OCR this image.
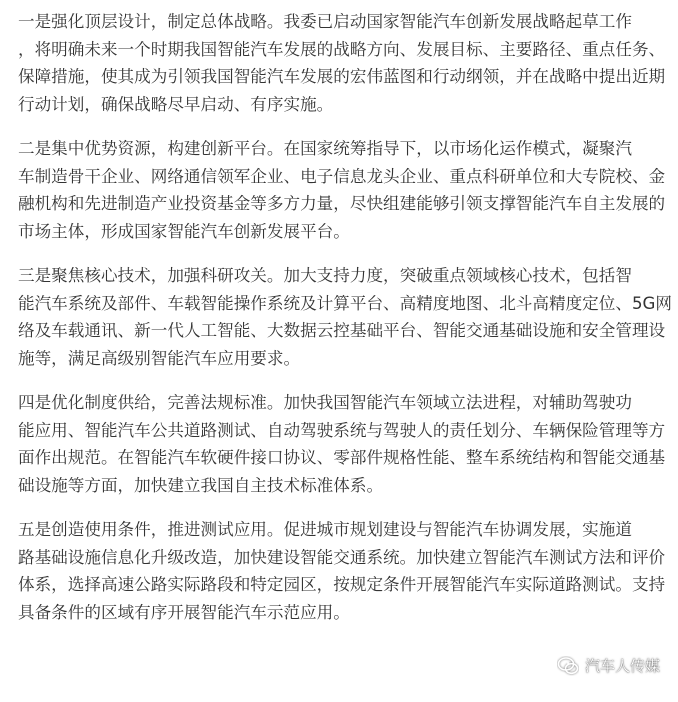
一是强化顶层设计，制定总体战略。我委已启动国家智能汽车创新发展战略起草工作
，将明确未来一个时期我国智能汽车发展的战略方向、发展目标、主要路径、重点任务、
保障措施，使其成为引领我国智能汽车发展的宏伟蓝图和行动纲领，并在战略中提出近期
行动计划，确保战略尽早启动、有序实施。

二是集中优势资源，构建创新平台。在国家统筹指导下，以市场化运作模式，凝聚汽
车制造骨干企业、网络通信领军企业、电子信息龙头企业、重点科研单位和大专院校、金
融机构和先进制造产业投资基金等多方力量，尽快组建能够引领支撑智能汽车自主发展的
市场主体，形成国家智能汽车创新发展平台。

三是聚焦核心技术，加强科研攻关。加大支持力度，突破重点领域核心技术，包括智
能汽车系统及部件、车载智能操作系统及计算平台、高精度地图、北斗高精度定位、5G网
络及车载通讯、新一代人工智能、大数据云控基础平台、智能交通基础设施和安全管理设
施等，满足高级别智能汽车应用要求。

四是优化制度供给，完善法规标准。加快我国智能汽车领域立法进程，对辅助驾驶功
能应用、智能汽车公共道路测试、自动驾驶系统与驾驶人的责任划分、车辆保险管理等方
面作出规范。在智能汽车软硬件接口协议、零部件规格性能、整车系统结构和智能交通基
础设施等方面，加快建立我国自主技术标准体系。

五是创造使用条件，推进测试应用。促进城市规划建设与智能汽车协调发展，实施道
路基础设施信息化升级改造，加快建设智能交通系统。加快建立智能汽车测试方法和评价
体系，选择高速公路实际路段和特定园区，按规定条件开展智能汽车实际道路测试。支持
具备条件的区域有序开展智能汽车示范应用。

汽车人传媒
